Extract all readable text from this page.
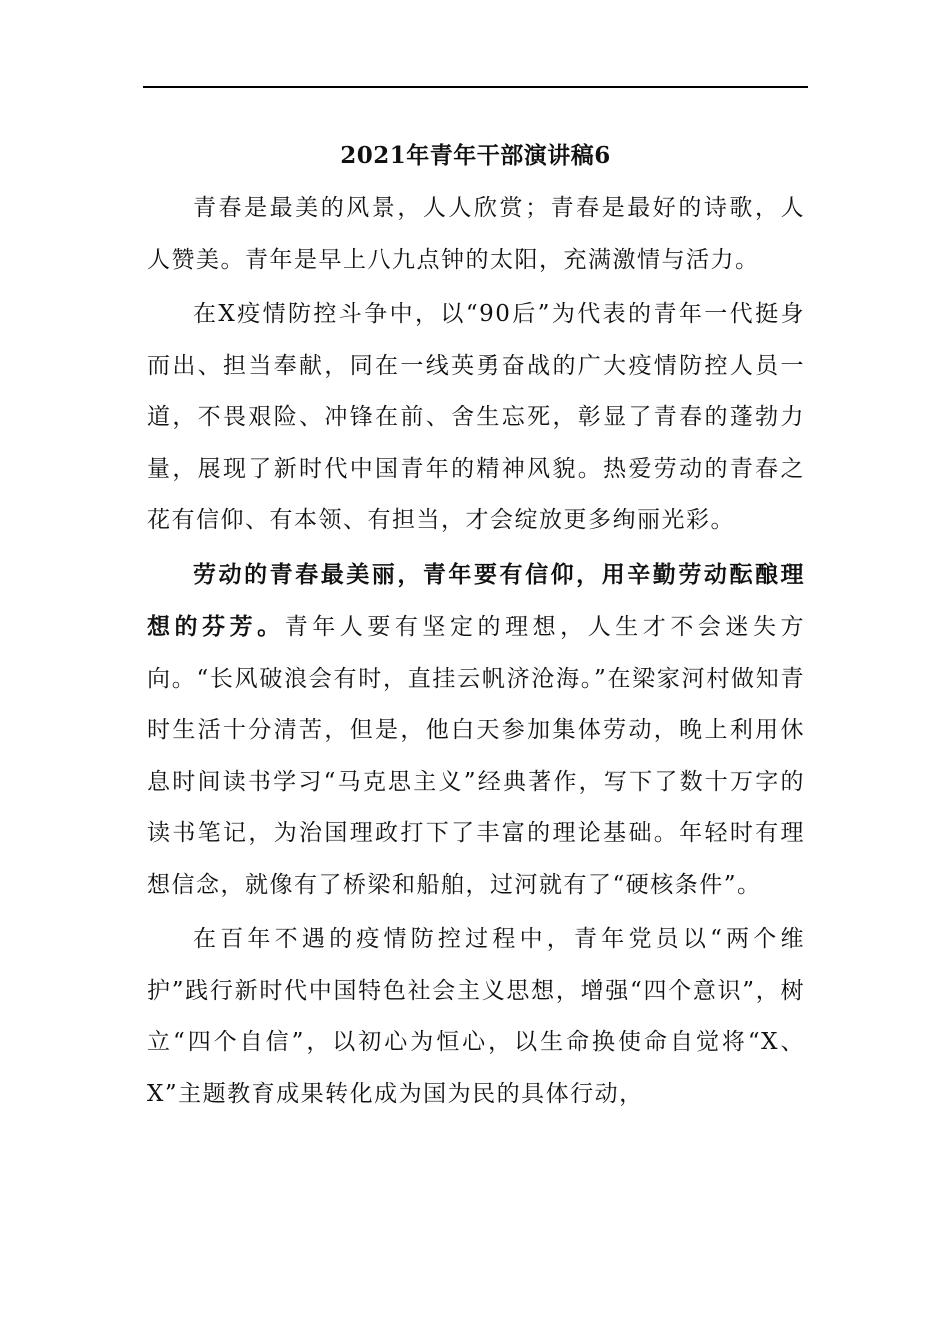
2021年青年干部演讲稿6

青春是最美的风景，人人欣赏；青春是最好的诗歌，人人赞美。青年是早上八九点钟的太阳，充满激情与活力。

在X疫情防控斗争中，以“90后”为代表的青年一代挺身而出、担当奉献，同在一线英勇奋战的广大疫情防控人员一道，不畏艰险、冲锋在前、舍生忘死，彰显了青春的蓬勃力量，展现了新时代中国青年的精神风貌。热爱劳动的青春之花有信仰、有本领、有担当，才会绽放更多绚丽光彩。

劳动的青春最美丽，青年要有信仰，用辛勤劳动酝酿理想的芬芳。青年人要有坚定的理想，人生才不会迷失方向。“长风破浪会有时，直挂云帆济沧海。”在梁家河村做知青时生活十分清苦，但是，他白天参加集体劳动，晚上利用休息时间读书学习“马克思主义”经典著作，写下了数十万字的读书笔记，为治国理政打下了丰富的理论基础。年轻时有理想信念，就像有了桥梁和船舶，过河就有了“硬核条件”。

在百年不遇的疫情防控过程中，青年党员以“两个维护”践行新时代中国特色社会主义思想，增强“四个意识”，树立“四个自信”，以初心为恒心，以生命换使命自觉将“X、X”主题教育成果转化成为国为民的具体行动，
